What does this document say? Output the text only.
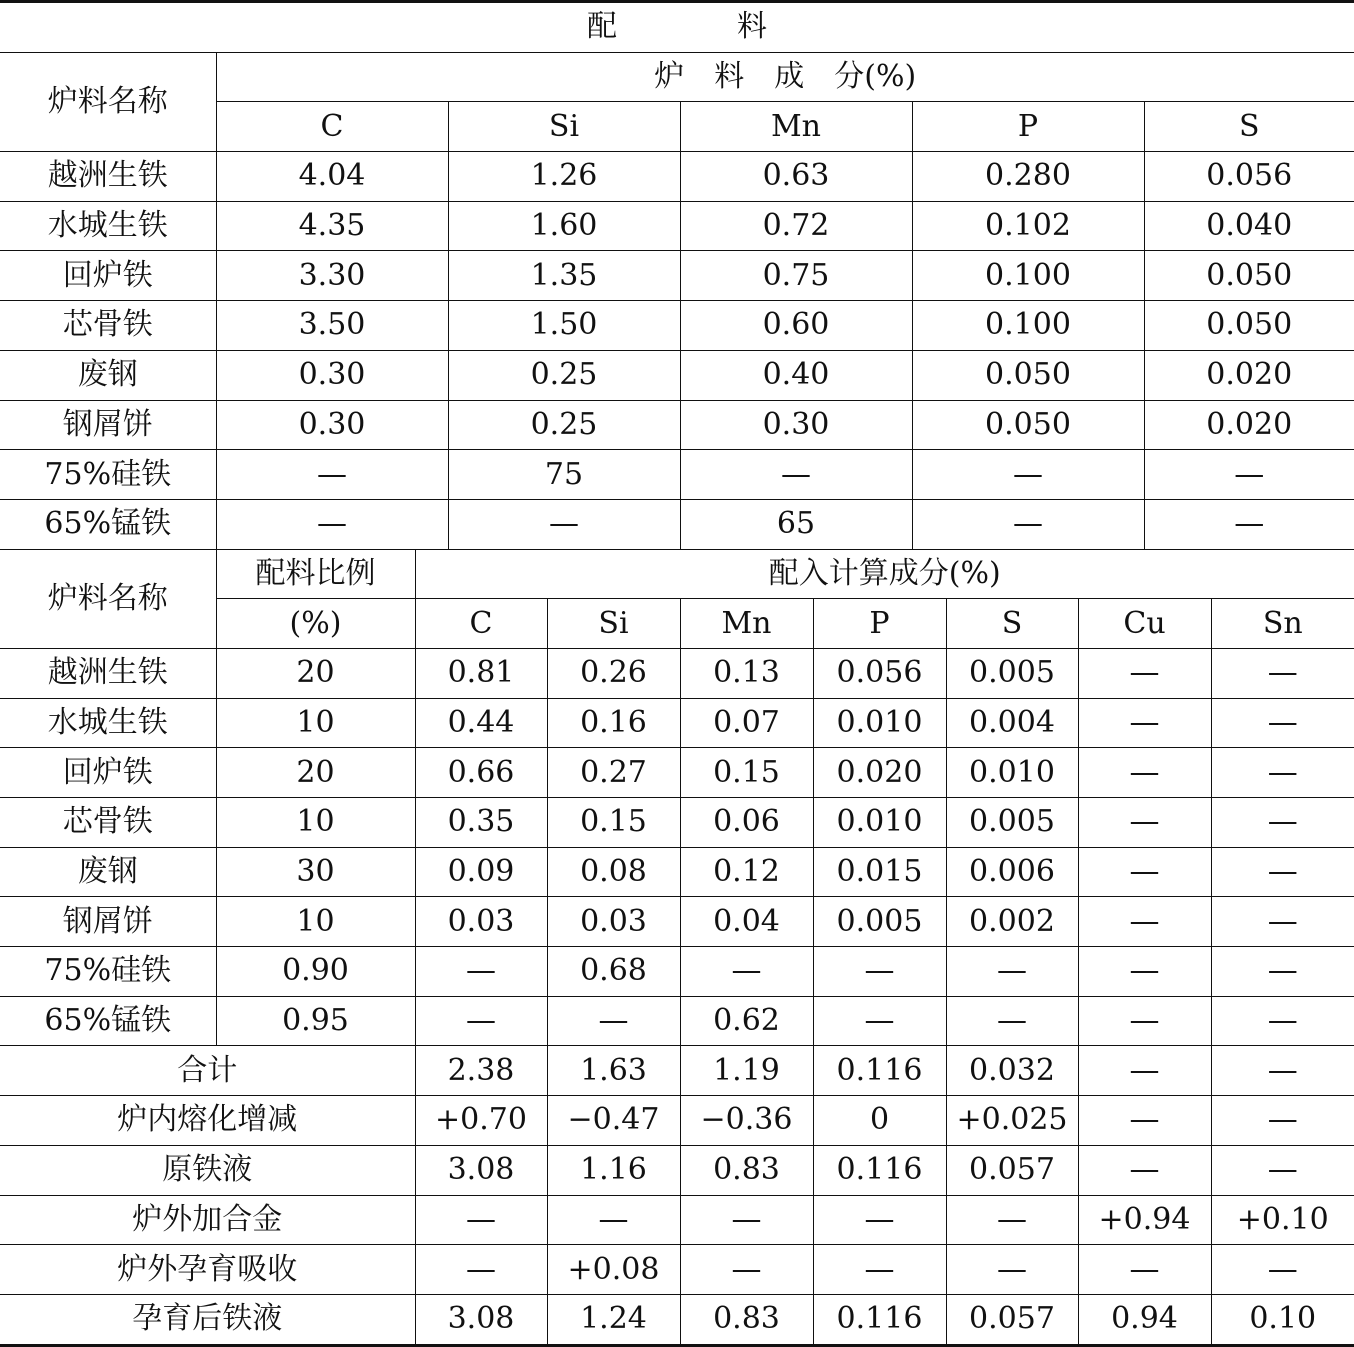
配　　　　料					
炉料名称	炉　料　成　分(%)				
	C	Si	Mn	P	S
越洲生铁	4.04	1.26	0.63	0.280	0.056
水城生铁	4.35	1.60	0.72	0.102	0.040
回炉铁	3.30	1.35	0.75	0.100	0.050
芯骨铁	3.50	1.50	0.60	0.100	0.050
废钢	0.30	0.25	0.40	0.050	0.020
钢屑饼	0.30	0.25	0.30	0.050	0.020
75%硅铁	—	75	—	—	—
65%锰铁	—	—	65	—	—
炉料名称	配料比例	配入计算成分(%)						
	(%)	C	Si	Mn	P	S	Cu	Sn
越洲生铁	20	0.81	0.26	0.13	0.056	0.005	—	—
水城生铁	10	0.44	0.16	0.07	0.010	0.004	—	—
回炉铁	20	0.66	0.27	0.15	0.020	0.010	—	—
芯骨铁	10	0.35	0.15	0.06	0.010	0.005	—	—
废钢	30	0.09	0.08	0.12	0.015	0.006	—	—
钢屑饼	10	0.03	0.03	0.04	0.005	0.002	—	—
75%硅铁	0.90	—	0.68	—	—	—	—	—
65%锰铁	0.95	—	—	0.62	—	—	—	—
合计		2.38	1.63	1.19	0.116	0.032	—	—
炉内熔化增减		+0.70	−0.47	−0.36	0	+0.025	—	—
原铁液		3.08	1.16	0.83	0.116	0.057	—	—
炉外加合金		—	—	—	—	—	+0.94	+0.10
炉外孕育吸收		—	+0.08	—	—	—	—	—
孕育后铁液		3.08	1.24	0.83	0.116	0.057	0.94	0.10
